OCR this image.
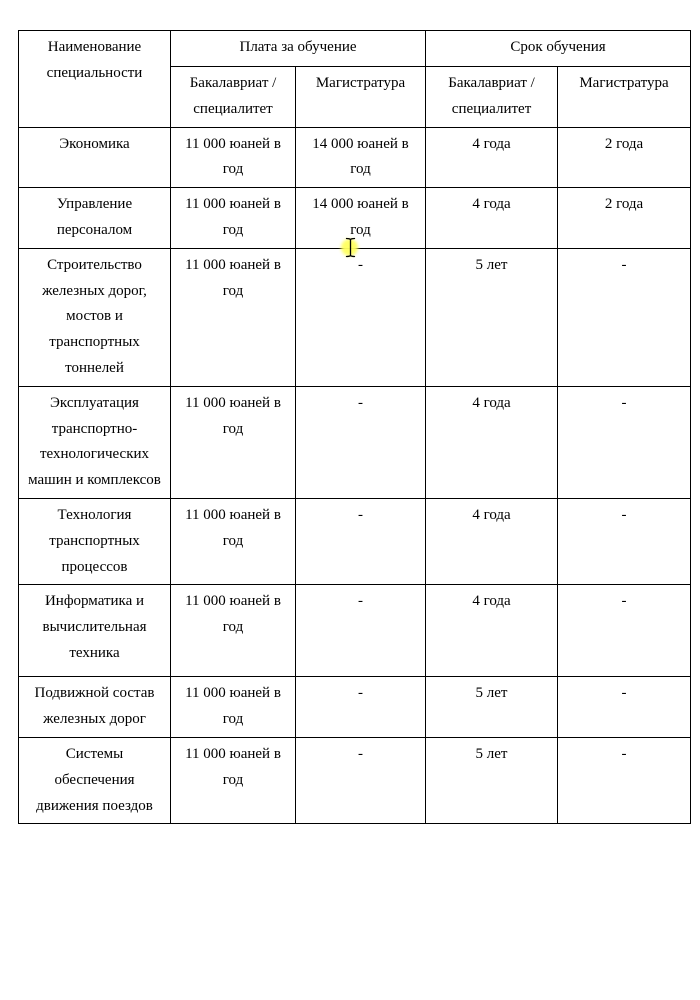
Наименование специальности	Плата за обучение		Срок обучения	
	Бакалавриат / специалитет	Магистратура	Бакалавриат / специалитет	Магистратура
Экономика	11 000 юаней в год	14 000 юаней в год	4 года	2 года
Управление персоналом	11 000 юаней в год	14 000 юаней в год	4 года	2 года
Строительство железных дорог, мостов и транспортных тоннелей	11 000 юаней в год	-	5 лет	-
Эксплуатация транспортно-технологических машин и комплексов	11 000 юаней в год	-	4 года	-
Технология транспортных процессов	11 000 юаней в год	-	4 года	-
Информатика и вычислительная техника	11 000 юаней в год	-	4 года	-
Подвижной состав железных дорог	11 000 юаней в год	-	5 лет	-
Системы обеспечения движения поездов	11 000 юаней в год	-	5 лет	-
